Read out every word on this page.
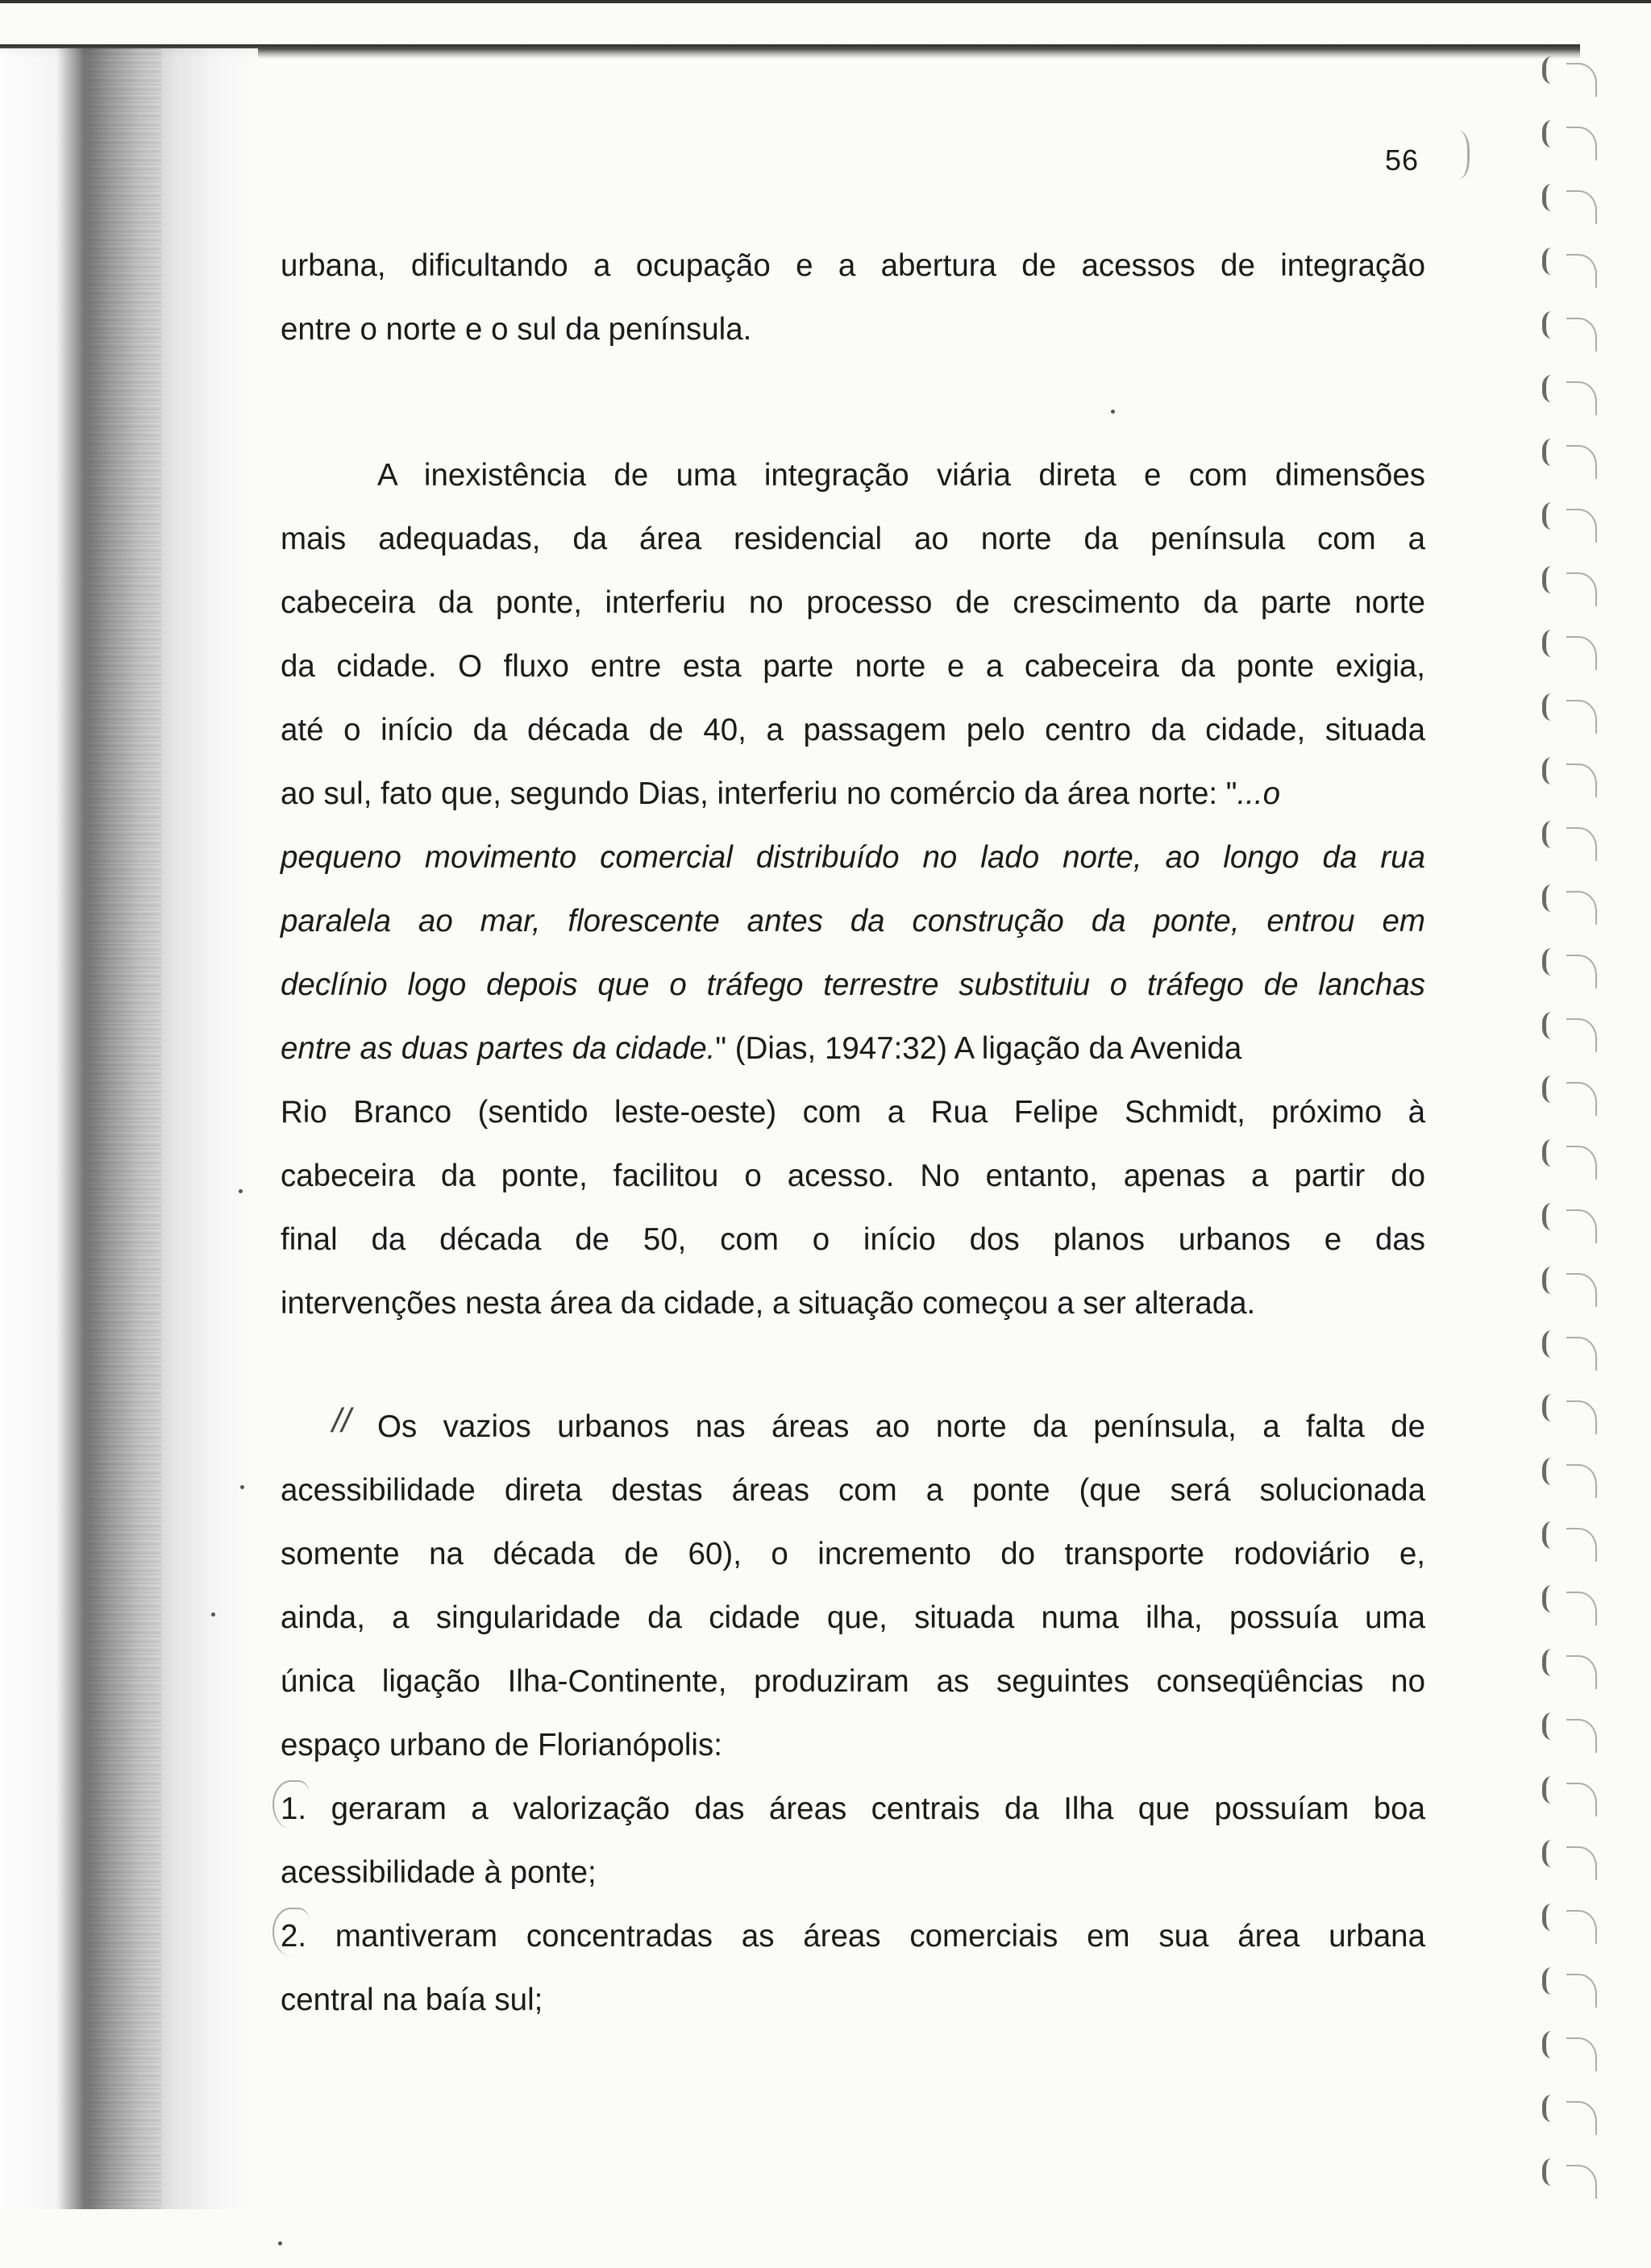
56
urbana, dificultando a ocupação e a abertura de acessos de integração
entre o norte e o sul da península.
A inexistência de uma integração viária direta e com dimensões
mais adequadas, da área residencial ao norte da península com a
cabeceira da ponte, interferiu no processo de crescimento da parte norte
da cidade. O fluxo entre esta parte norte e a cabeceira da ponte exigia,
até o início da década de 40, a passagem pelo centro da cidade, situada
ao sul, fato que, segundo Dias, interferiu no comércio da área norte: "...o
pequeno movimento comercial distribuído no lado norte, ao longo da rua
paralela ao mar, florescente antes da construção da ponte, entrou em
declínio logo depois que o tráfego terrestre substituiu o tráfego de lanchas
entre as duas partes da cidade." (Dias, 1947:32) A ligação da Avenida
Rio Branco (sentido leste-oeste) com a Rua Felipe Schmidt, próximo à
cabeceira da ponte, facilitou o acesso. No entanto, apenas a partir do
final da década de 50, com o início dos planos urbanos e das
intervenções nesta área da cidade, a situação começou a ser alterada.
// Os vazios urbanos nas áreas ao norte da península, a falta de
acessibilidade direta destas áreas com a ponte (que será solucionada
somente na década de 60), o incremento do transporte rodoviário e,
ainda, a singularidade da cidade que, situada numa ilha, possuía uma
única ligação Ilha-Continente, produziram as seguintes conseqüências no
espaço urbano de Florianópolis:
1. geraram a valorização das áreas centrais da Ilha que possuíam boa
acessibilidade à ponte;
2. mantiveram concentradas as áreas comerciais em sua área urbana
central na baía sul;
